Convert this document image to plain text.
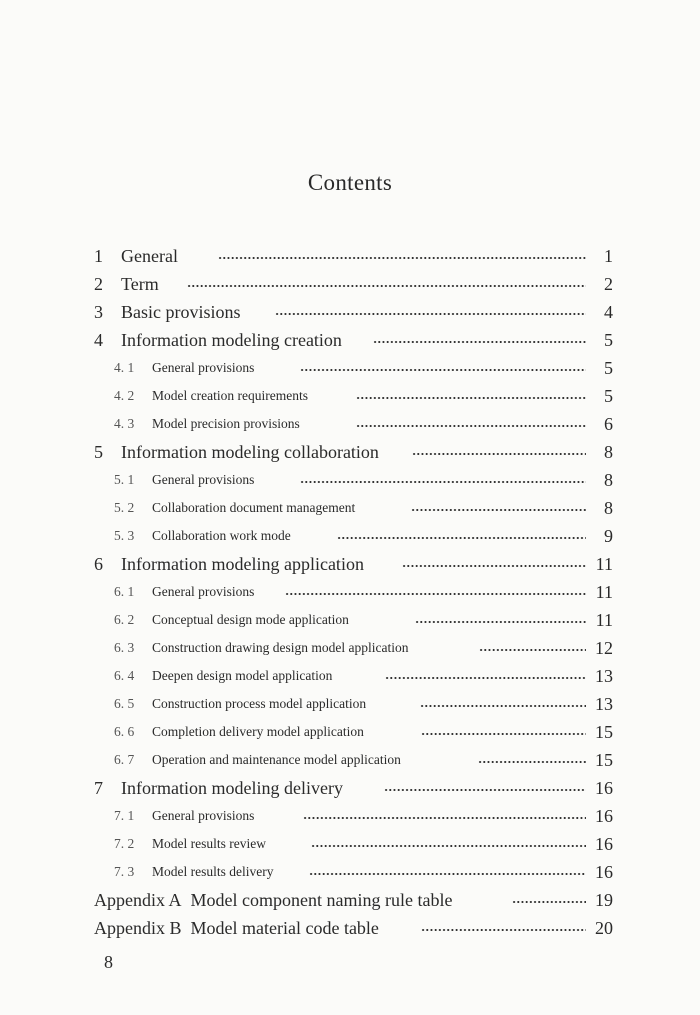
Contents
1 General	1
2 Term	2
3 Basic provisions	4
4 Information modeling creation	5
4. 1 General provisions	5
4. 2 Model creation requirements	5
4. 3 Model precision provisions	6
5 Information modeling collaboration	8
5. 1 General provisions	8
5. 2 Collaboration document management	8
5. 3 Collaboration work mode	9
6 Information modeling application	11
6. 1 General provisions	11
6. 2 Conceptual design mode application	11
6. 3 Construction drawing design model application	12
6. 4 Deepen design model application	13
6. 5 Construction process model application	13
6. 6 Completion delivery model application	15
6. 7 Operation and maintenance model application	15
7 Information modeling delivery	16
7. 1 General provisions	16
7. 2 Model results review	16
7. 3 Model results delivery	16
Appendix A Model component naming rule table	19
Appendix B Model material code table	20
8
